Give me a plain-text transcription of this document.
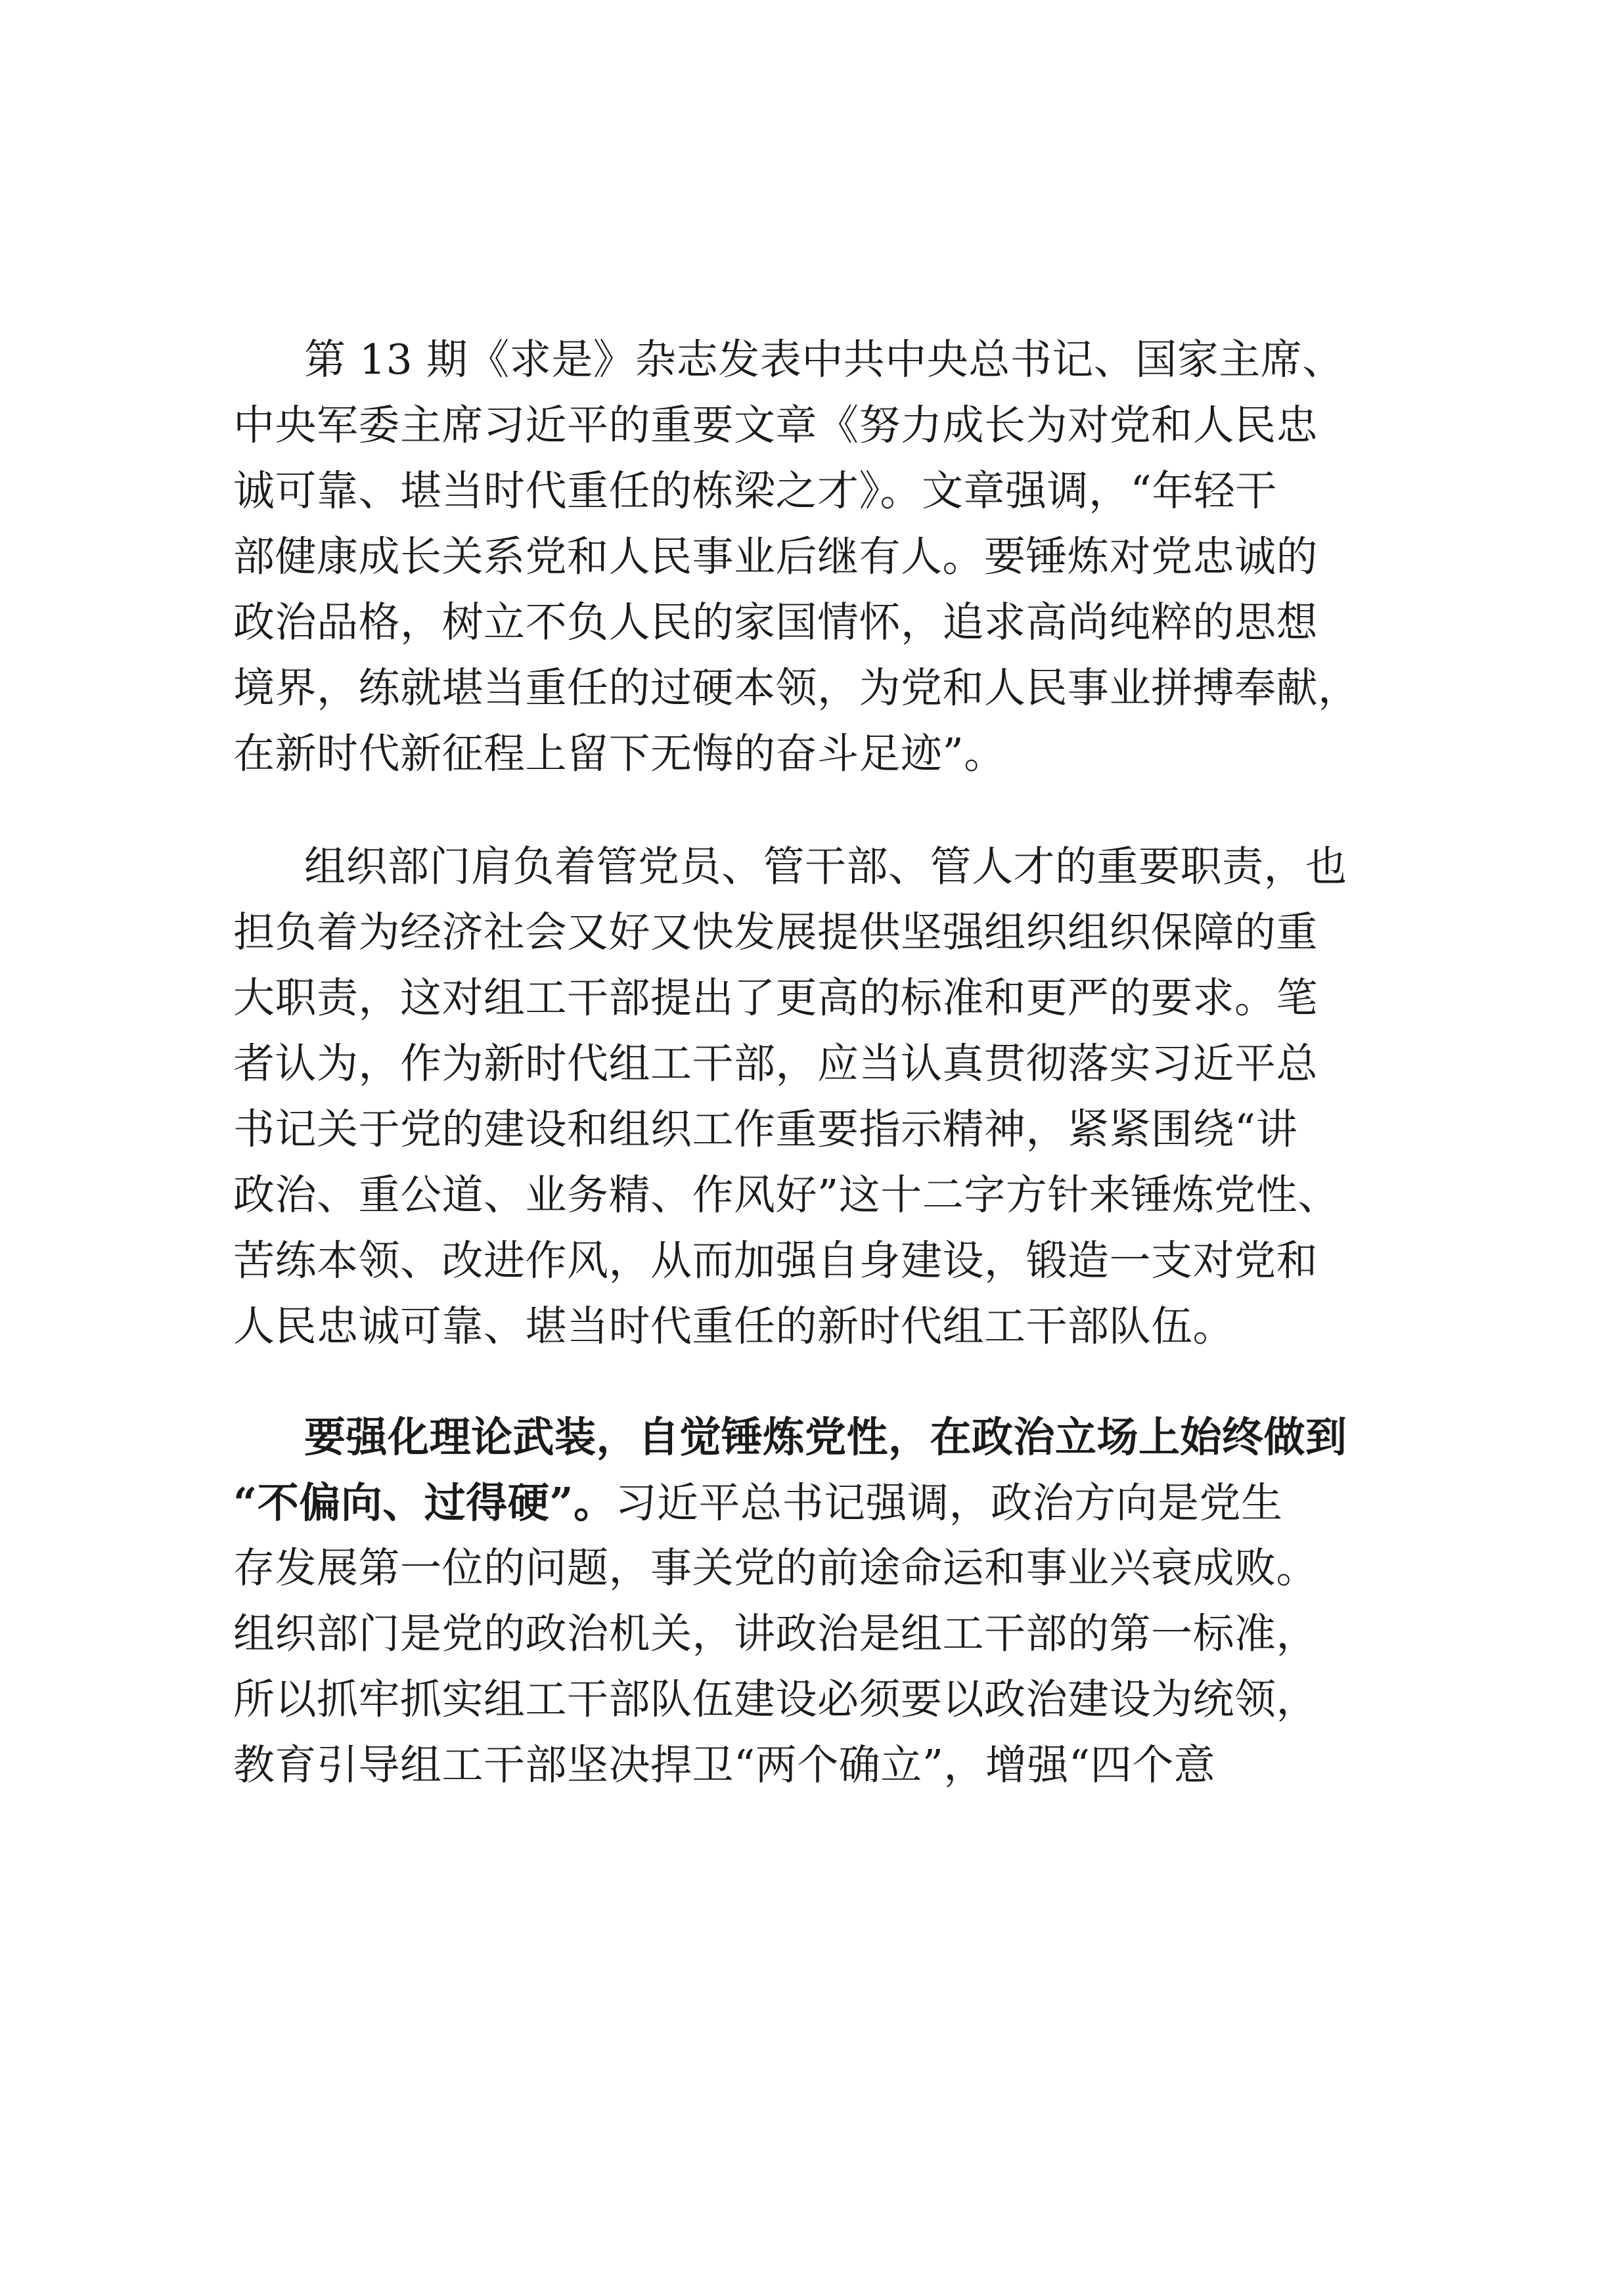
第 13 期《求是》杂志发表中共中央总书记、国家主席、
中央军委主席习近平的重要文章《努力成长为对党和人民忠
诚可靠、堪当时代重任的栋梁之才》。文章强调，“年轻干
部健康成长关系党和人民事业后继有人。要锤炼对党忠诚的
政治品格，树立不负人民的家国情怀，追求高尚纯粹的思想
境界，练就堪当重任的过硬本领，为党和人民事业拼搏奉献，
在新时代新征程上留下无悔的奋斗足迹”。

组织部门肩负着管党员、管干部、管人才的重要职责，也
担负着为经济社会又好又快发展提供坚强组织组织保障的重
大职责，这对组工干部提出了更高的标准和更严的要求。笔
者认为，作为新时代组工干部，应当认真贯彻落实习近平总
书记关于党的建设和组织工作重要指示精神，紧紧围绕“讲
政治、重公道、业务精、作风好”这十二字方针来锤炼党性、
苦练本领、改进作风，从而加强自身建设，锻造一支对党和
人民忠诚可靠、堪当时代重任的新时代组工干部队伍。

要强化理论武装，自觉锤炼党性，在政治立场上始终做到
“不偏向、过得硬”。习近平总书记强调，政治方向是党生
存发展第一位的问题，事关党的前途命运和事业兴衰成败。
组织部门是党的政治机关，讲政治是组工干部的第一标准，
所以抓牢抓实组工干部队伍建设必须要以政治建设为统领，
教育引导组工干部坚决捍卫“两个确立”，增强“四个意
